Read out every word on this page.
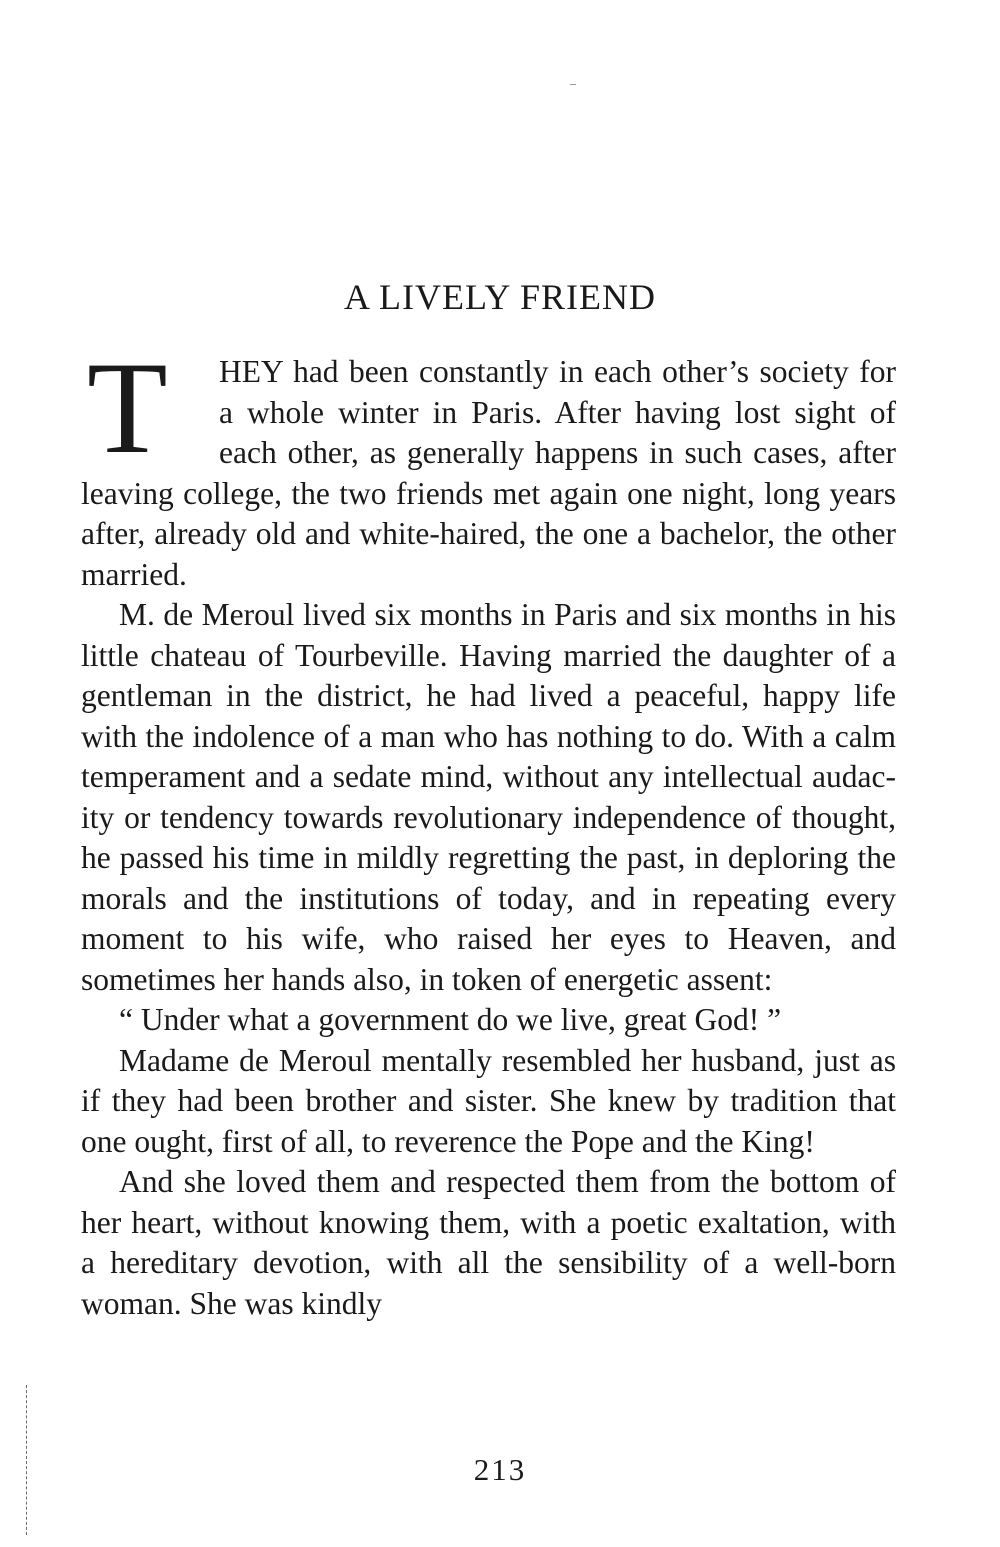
A LIVELY FRIEND

T	HEY had been constantly in each other’s society for a whole winter in Paris. After having lost sight of each other, as generally happens in such cases, after leaving college, the two friends met again one night, long years after, already old and white-haired, the one a bachelor, the other married.

M. de Meroul lived six months in Paris and six months in his little chateau of Tourbeville. Having married the daughter of a gentleman in the district, he had lived a peaceful, happy life with the indolence of a man who has nothing to do. With a calm temperament and a sedate mind, without any intellectual audacity or tendency towards revolutionary independence of thought, he passed his time in mildly regretting the past, in deploring the morals and the institutions of today, and in repeating every moment to his wife, who raised her eyes to Heaven, and sometimes her hands also, in token of energetic assent:

“ Under what a government do we live, great God! ”

Madame de Meroul mentally resembled her husband, just as if they had been brother and sister. She knew by tradition that one ought, first of all, to reverence the Pope and the King!

And she loved them and respected them from the bottom of her heart, without knowing them, with a poetic exaltation, with a hereditary devotion, with all the sensibility of a well-born woman. She was kindly

213
